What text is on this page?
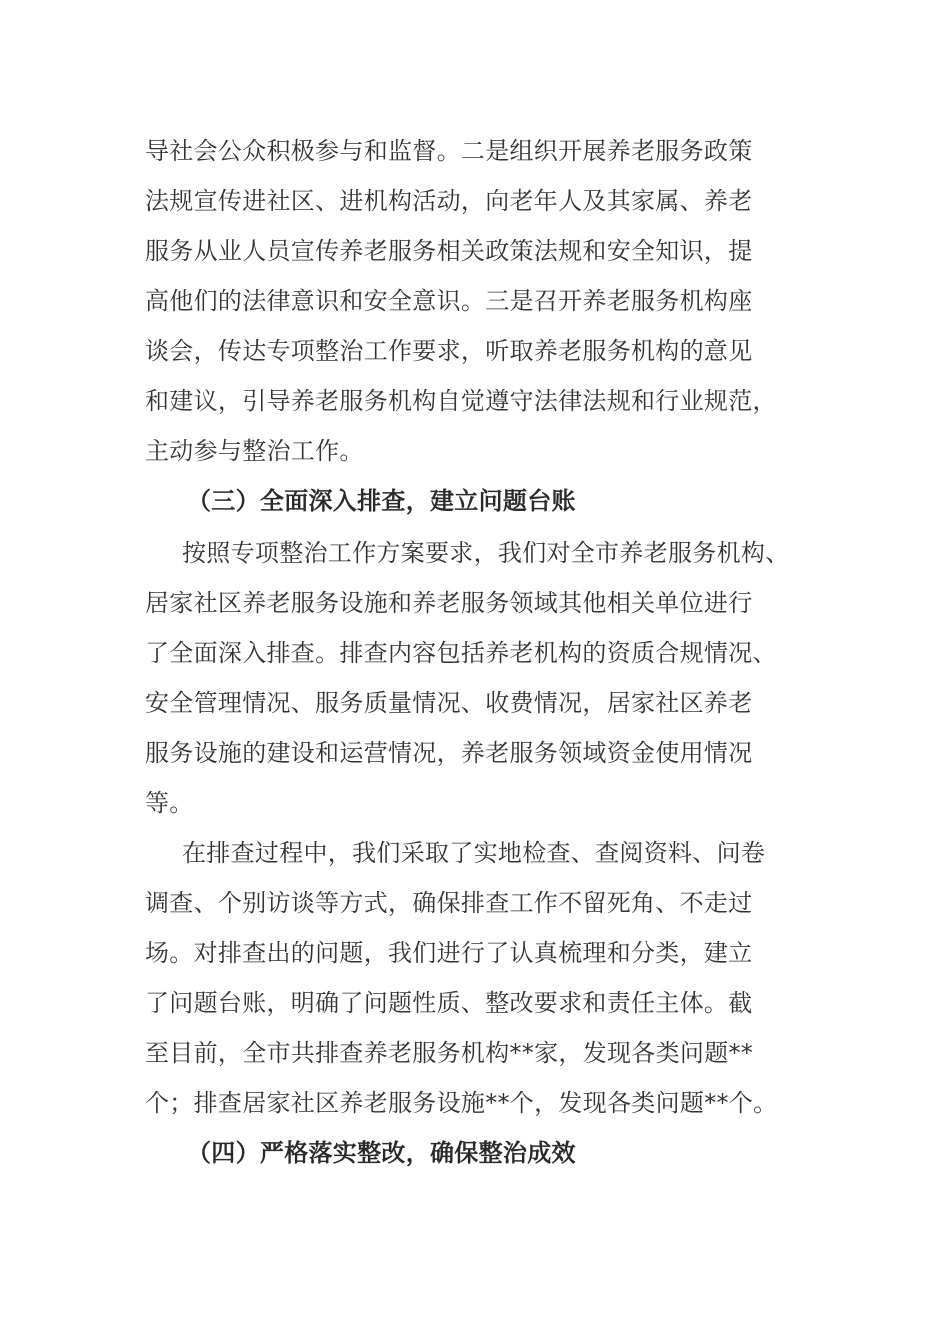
导社会公众积极参与和监督。二是组织开展养老服务政策
法规宣传进社区、进机构活动，向老年人及其家属、养老
服务从业人员宣传养老服务相关政策法规和安全知识，提
高他们的法律意识和安全意识。三是召开养老服务机构座
谈会，传达专项整治工作要求，听取养老服务机构的意见
和建议，引导养老服务机构自觉遵守法律法规和行业规范，
主动参与整治工作。
（三）全面深入排查，建立问题台账
按照专项整治工作方案要求，我们对全市养老服务机构、
居家社区养老服务设施和养老服务领域其他相关单位进行
了全面深入排查。排查内容包括养老机构的资质合规情况、
安全管理情况、服务质量情况、收费情况，居家社区养老
服务设施的建设和运营情况，养老服务领域资金使用情况
等。
在排查过程中，我们采取了实地检查、查阅资料、问卷
调查、个别访谈等方式，确保排查工作不留死角、不走过
场。对排查出的问题，我们进行了认真梳理和分类，建立
了问题台账，明确了问题性质、整改要求和责任主体。截
至目前，全市共排查养老服务机构**家，发现各类问题**
个；排查居家社区养老服务设施**个，发现各类问题**个。
（四）严格落实整改，确保整治成效
